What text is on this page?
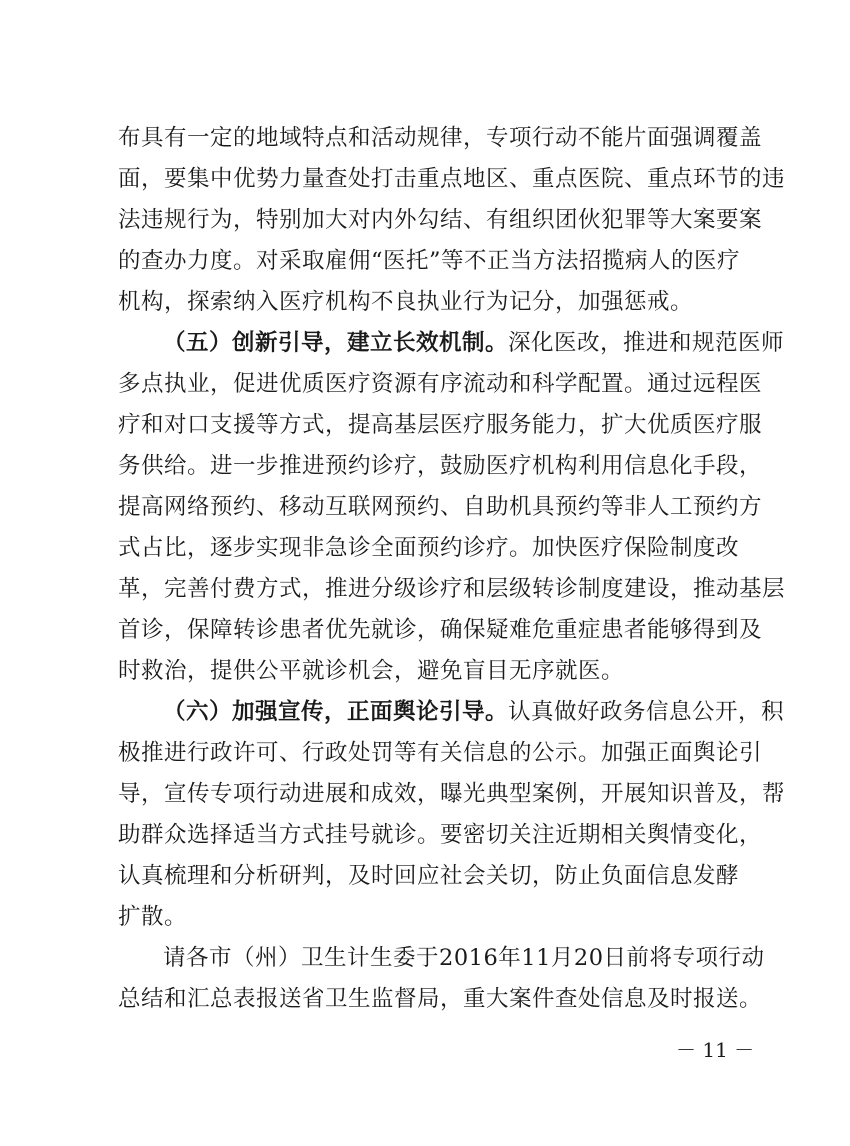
布具有一定的地域特点和活动规律，专项行动不能片面强调覆盖
面，要集中优势力量查处打击重点地区、重点医院、重点环节的违
法违规行为，特别加大对内外勾结、有组织团伙犯罪等大案要案
的查办力度。对采取雇佣“医托”等不正当方法招揽病人的医疗
机构，探索纳入医疗机构不良执业行为记分，加强惩戒。
（五）创新引导，建立长效机制。深化医改，推进和规范医师
多点执业，促进优质医疗资源有序流动和科学配置。通过远程医
疗和对口支援等方式，提高基层医疗服务能力，扩大优质医疗服
务供给。进一步推进预约诊疗，鼓励医疗机构利用信息化手段，
提高网络预约、移动互联网预约、自助机具预约等非人工预约方
式占比，逐步实现非急诊全面预约诊疗。加快医疗保险制度改
革，完善付费方式，推进分级诊疗和层级转诊制度建设，推动基层
首诊，保障转诊患者优先就诊，确保疑难危重症患者能够得到及
时救治，提供公平就诊机会，避免盲目无序就医。
（六）加强宣传，正面舆论引导。认真做好政务信息公开，积
极推进行政许可、行政处罚等有关信息的公示。加强正面舆论引
导，宣传专项行动进展和成效，曝光典型案例，开展知识普及，帮
助群众选择适当方式挂号就诊。要密切关注近期相关舆情变化，
认真梳理和分析研判，及时回应社会关切，防止负面信息发酵
扩散。
请各市（州）卫生计生委于2016年11月20日前将专项行动
总结和汇总表报送省卫生监督局，重大案件查处信息及时报送。
－ 11 －
